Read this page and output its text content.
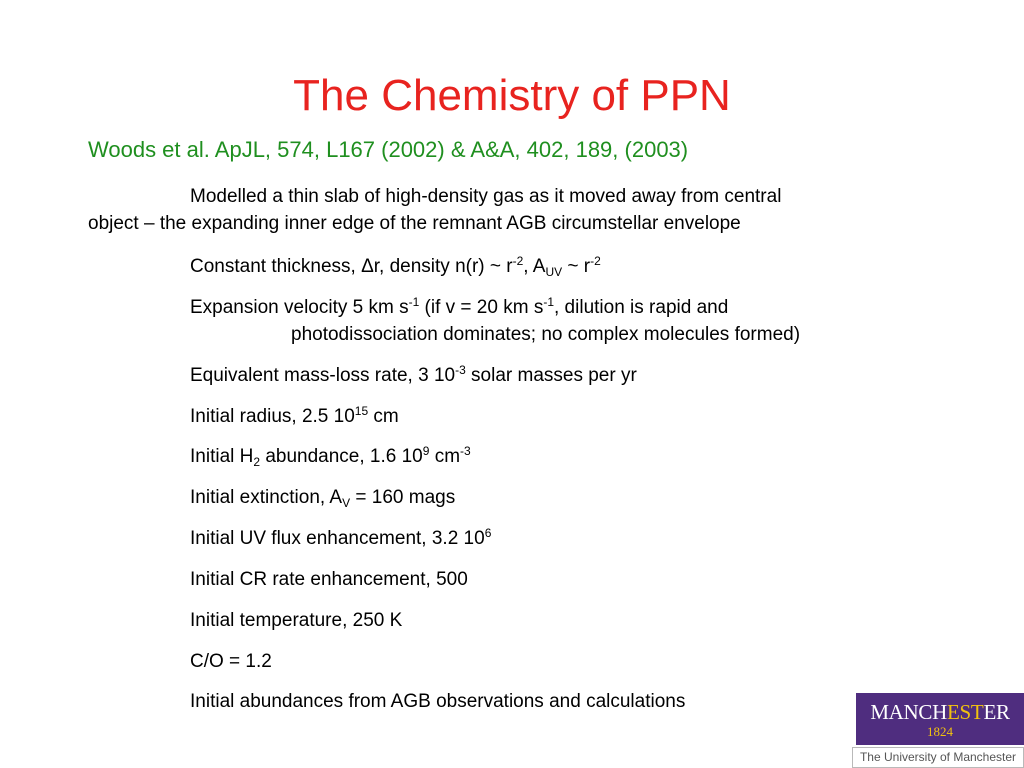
The Chemistry of PPN
Woods et al. ApJL, 574, L167 (2002) & A&A, 402, 189, (2003)
Modelled a thin slab of high-density gas as it moved away from central
object – the expanding inner edge of the remnant AGB circumstellar envelope
Constant thickness, Δr, density n(r) ~ $r^{-2}$, $A_{UV}$ ~ $r^{-2}$
Expansion velocity 5 km $s^{-1}$ (if v = 20 km $s^{-1}$, dilution is rapid and
photodissociation dominates; no complex molecules formed)
Equivalent mass-loss rate, 3 $10^{-3}$ solar masses per yr
Initial radius, 2.5 $10^{15}$ cm
Initial $H_2$ abundance, 1.6 $10^9$ $cm^{-3}$
Initial extinction, $A_V = 160$ mags
Initial UV flux enhancement, 3.2 $10^6$
Initial CR rate enhancement, 500
Initial temperature, 250 K
C/O = 1.2
Initial abundances from AGB observations and calculations	MANCHESTER
1824
The University of Manchester
